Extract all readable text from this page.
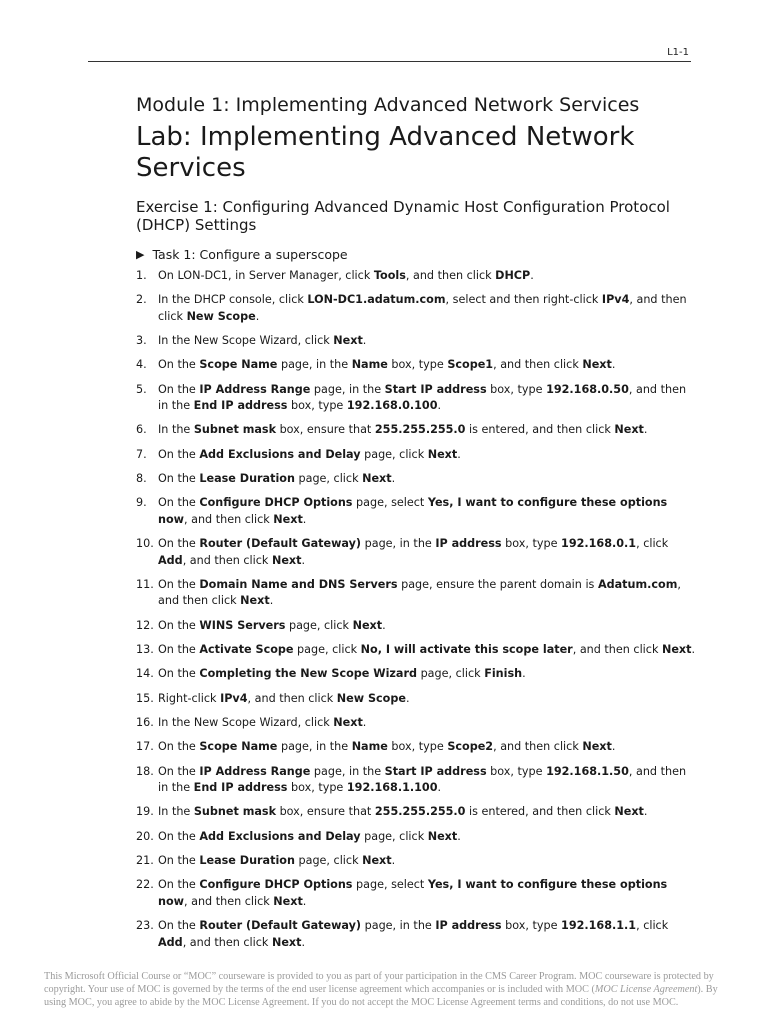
L1-1
Module 1: Implementing Advanced Network Services
Lab: Implementing Advanced Network Services
Exercise 1: Configuring Advanced Dynamic Host Configuration Protocol (DHCP) Settings
▶ Task 1: Configure a superscope
1. On LON-DC1, in Server Manager, click Tools, and then click DHCP.
2. In the DHCP console, click LON-DC1.adatum.com, select and then right-click IPv4, and then click New Scope.
3. In the New Scope Wizard, click Next.
4. On the Scope Name page, in the Name box, type Scope1, and then click Next.
5. On the IP Address Range page, in the Start IP address box, type 192.168.0.50, and then in the End IP address box, type 192.168.0.100.
6. In the Subnet mask box, ensure that 255.255.255.0 is entered, and then click Next.
7. On the Add Exclusions and Delay page, click Next.
8. On the Lease Duration page, click Next.
9. On the Configure DHCP Options page, select Yes, I want to configure these options now, and then click Next.
10. On the Router (Default Gateway) page, in the IP address box, type 192.168.0.1, click Add, and then click Next.
11. On the Domain Name and DNS Servers page, ensure the parent domain is Adatum.com, and then click Next.
12. On the WINS Servers page, click Next.
13. On the Activate Scope page, click No, I will activate this scope later, and then click Next.
14. On the Completing the New Scope Wizard page, click Finish.
15. Right-click IPv4, and then click New Scope.
16. In the New Scope Wizard, click Next.
17. On the Scope Name page, in the Name box, type Scope2, and then click Next.
18. On the IP Address Range page, in the Start IP address box, type 192.168.1.50, and then in the End IP address box, type 192.168.1.100.
19. In the Subnet mask box, ensure that 255.255.255.0 is entered, and then click Next.
20. On the Add Exclusions and Delay page, click Next.
21. On the Lease Duration page, click Next.
22. On the Configure DHCP Options page, select Yes, I want to configure these options now, and then click Next.
23. On the Router (Default Gateway) page, in the IP address box, type 192.168.1.1, click Add, and then click Next.
This Microsoft Official Course or “MOC” courseware is provided to you as part of your participation in the CMS Career Program. MOC courseware is protected by copyright. Your use of MOC is governed by the terms of the end user license agreement which accompanies or is included with MOC (MOC License Agreement). By using MOC, you agree to abide by the MOC License Agreement. If you do not accept the MOC License Agreement terms and conditions, do not use MOC.
